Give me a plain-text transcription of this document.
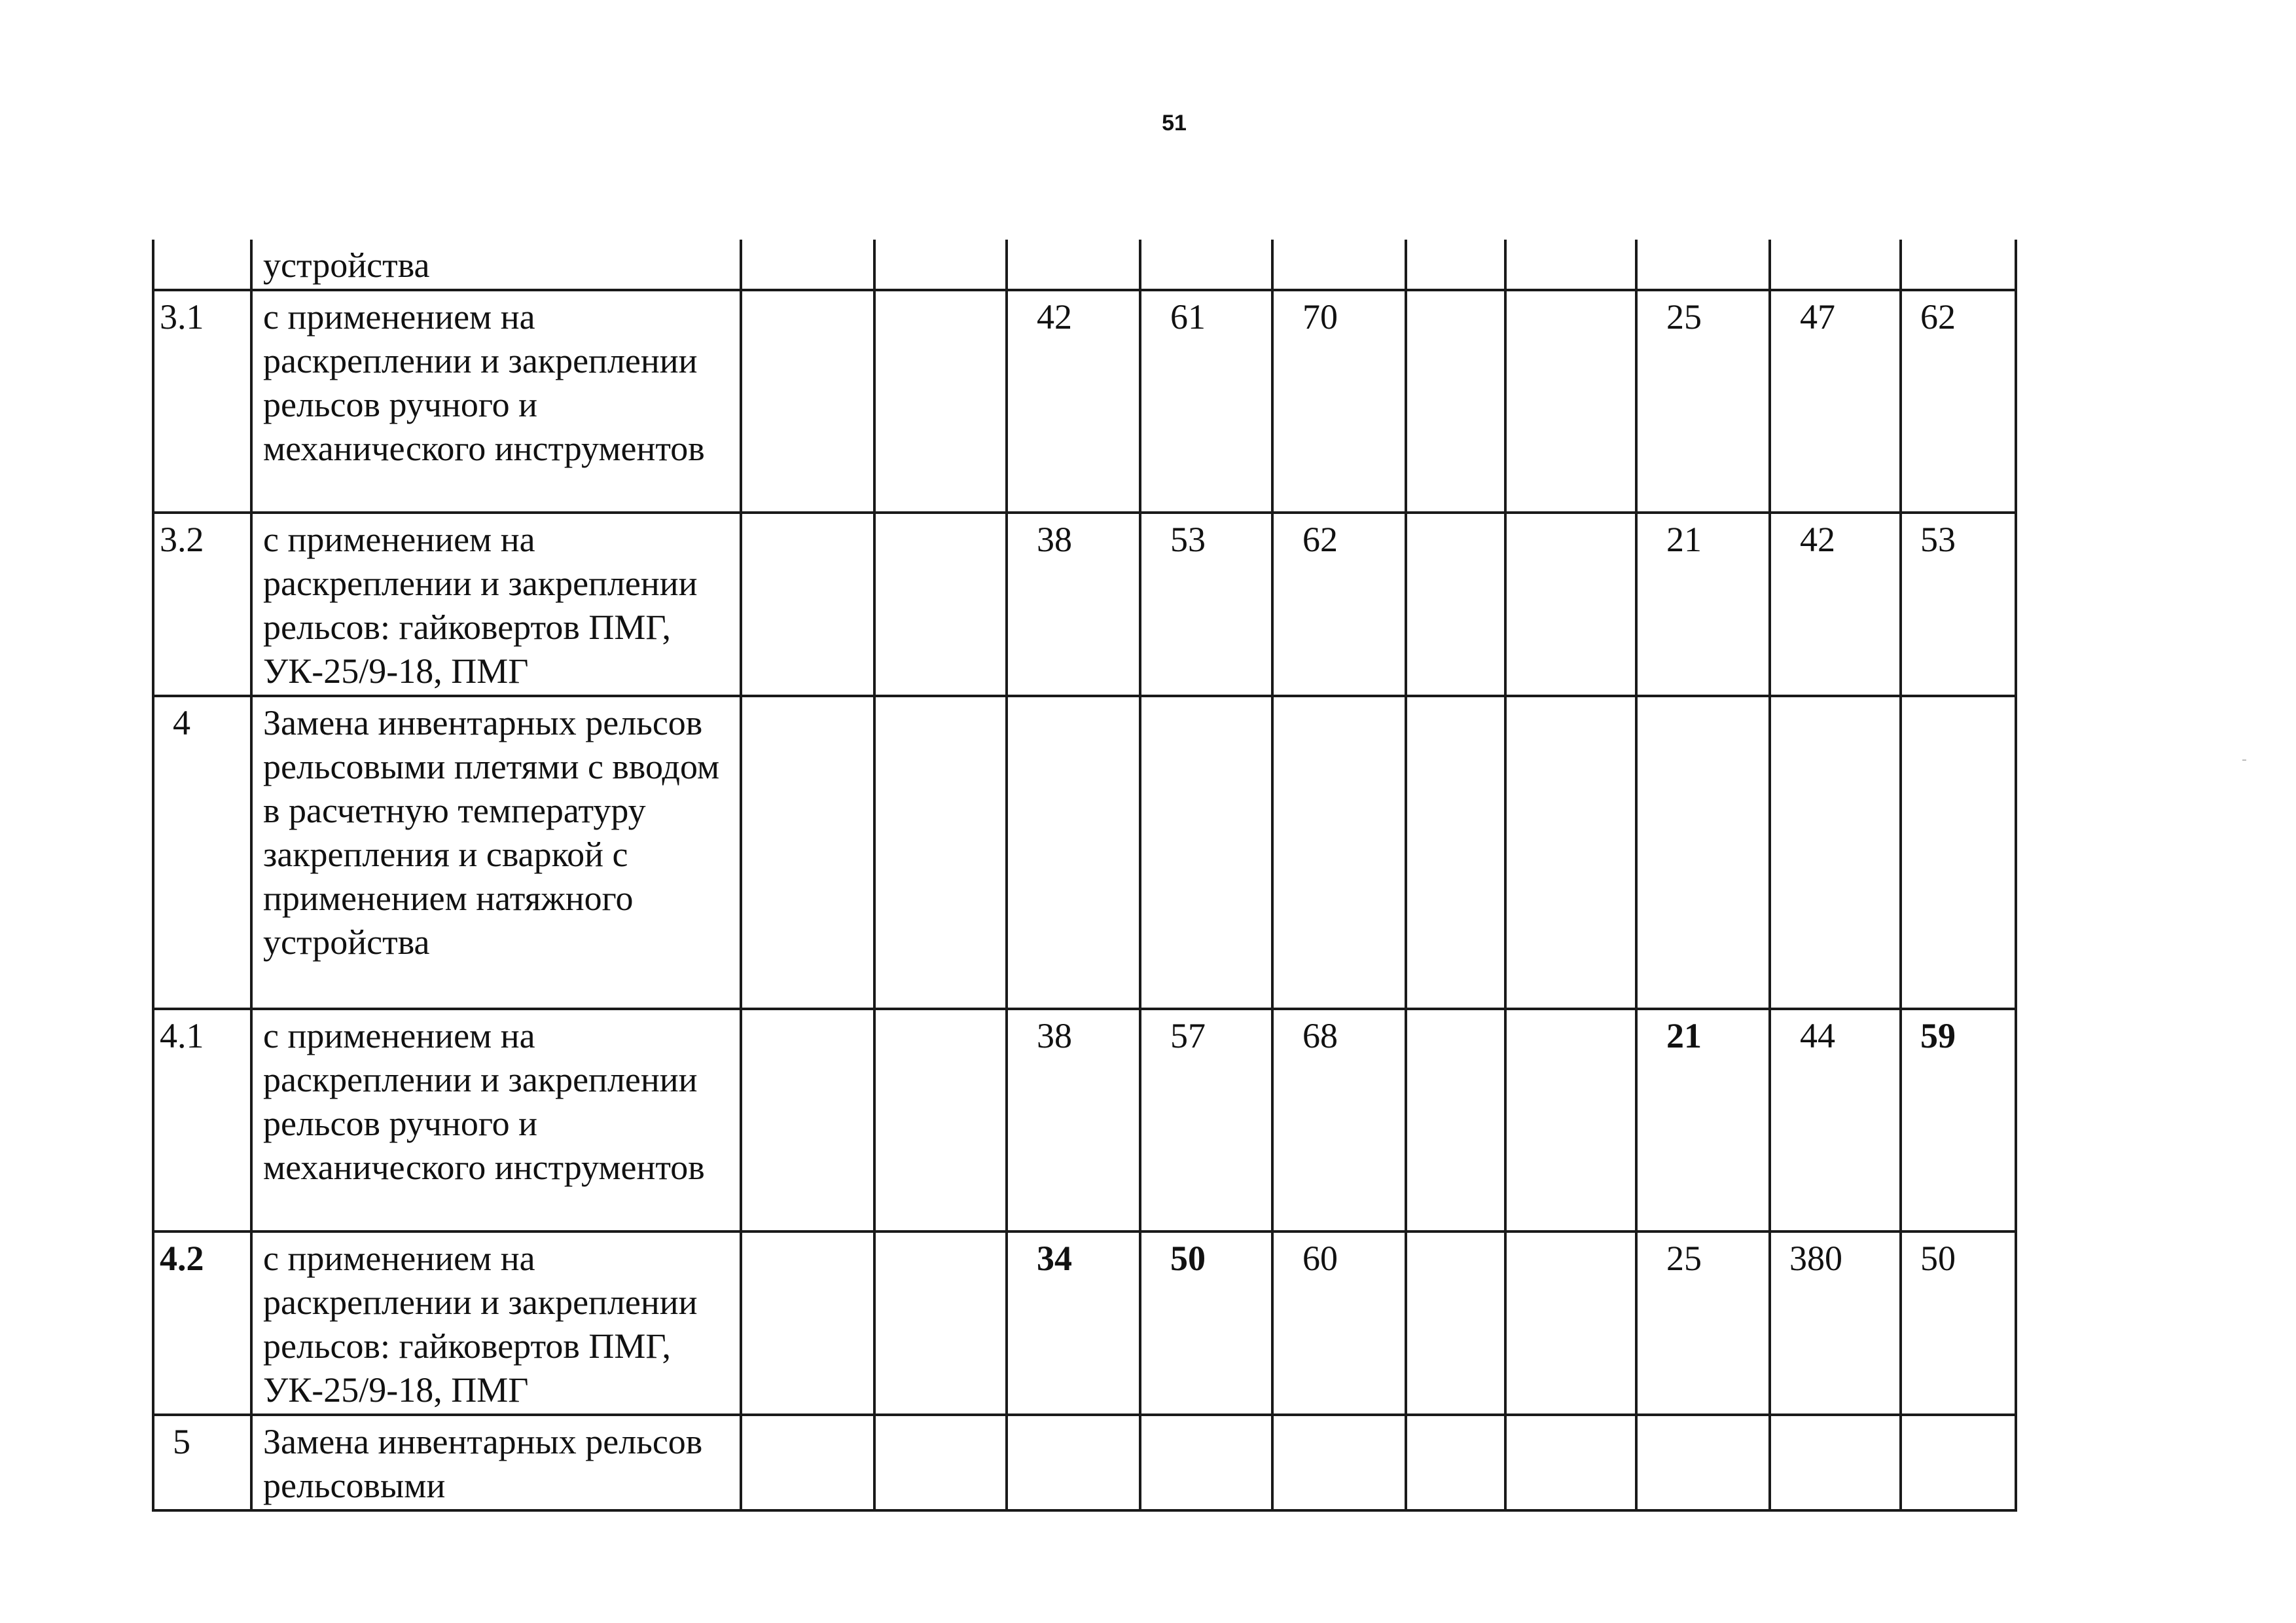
51
	устройства										
3.1	с применением на раскреплении и закреплении рельсов ручного и механического инструментов			42	61	70			25	47	62
3.2	с применением на раскреплении и закреплении рельсов: гайковертов ПМГ, УК-25/9-18, ПМГ			38	53	62			21	42	53
4	Замена инвентарных рельсов рельсовыми плетями с вводом в расчетную температуру закрепления и сваркой с применением натяжного устройства										
4.1	с применением на раскреплении и закреплении рельсов ручного и механического инструментов			38	57	68			21	44	59
4.2	с применением на раскреплении и закреплении рельсов: гайковертов ПМГ, УК-25/9-18, ПМГ			34	50	60			25	380	50
5	Замена инвентарных рельсов рельсовыми										
